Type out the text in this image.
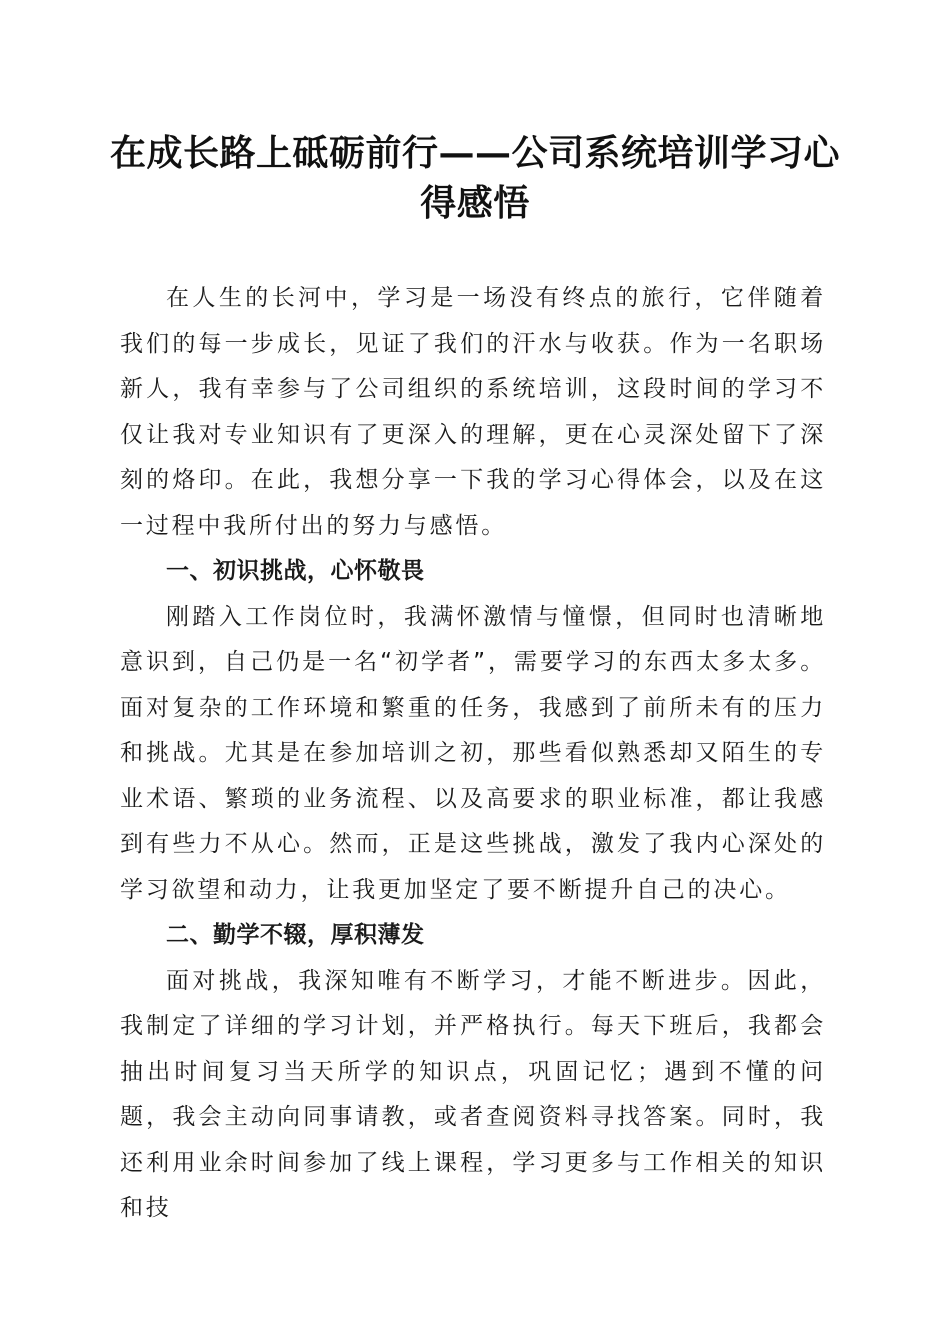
在成长路上砥砺前行——公司系统培训学习心得感悟

在人生的长河中，学习是一场没有终点的旅行，它伴随着我们的每一步成长，见证了我们的汗水与收获。作为一名职场新人，我有幸参与了公司组织的系统培训，这段时间的学习不仅让我对专业知识有了更深入的理解，更在心灵深处留下了深刻的烙印。在此，我想分享一下我的学习心得体会，以及在这一过程中我所付出的努力与感悟。

一、初识挑战，心怀敬畏

刚踏入工作岗位时，我满怀激情与憧憬，但同时也清晰地意识到，自己仍是一名“初学者”，需要学习的东西太多太多。面对复杂的工作环境和繁重的任务，我感到了前所未有的压力和挑战。尤其是在参加培训之初，那些看似熟悉却又陌生的专业术语、繁琐的业务流程、以及高要求的职业标准，都让我感到有些力不从心。然而，正是这些挑战，激发了我内心深处的学习欲望和动力，让我更加坚定了要不断提升自己的决心。

二、勤学不辍，厚积薄发

面对挑战，我深知唯有不断学习，才能不断进步。因此，我制定了详细的学习计划，并严格执行。每天下班后，我都会抽出时间复习当天所学的知识点，巩固记忆；遇到不懂的问题，我会主动向同事请教，或者查阅资料寻找答案。同时，我还利用业余时间参加了线上课程，学习更多与工作相关的知识和技
